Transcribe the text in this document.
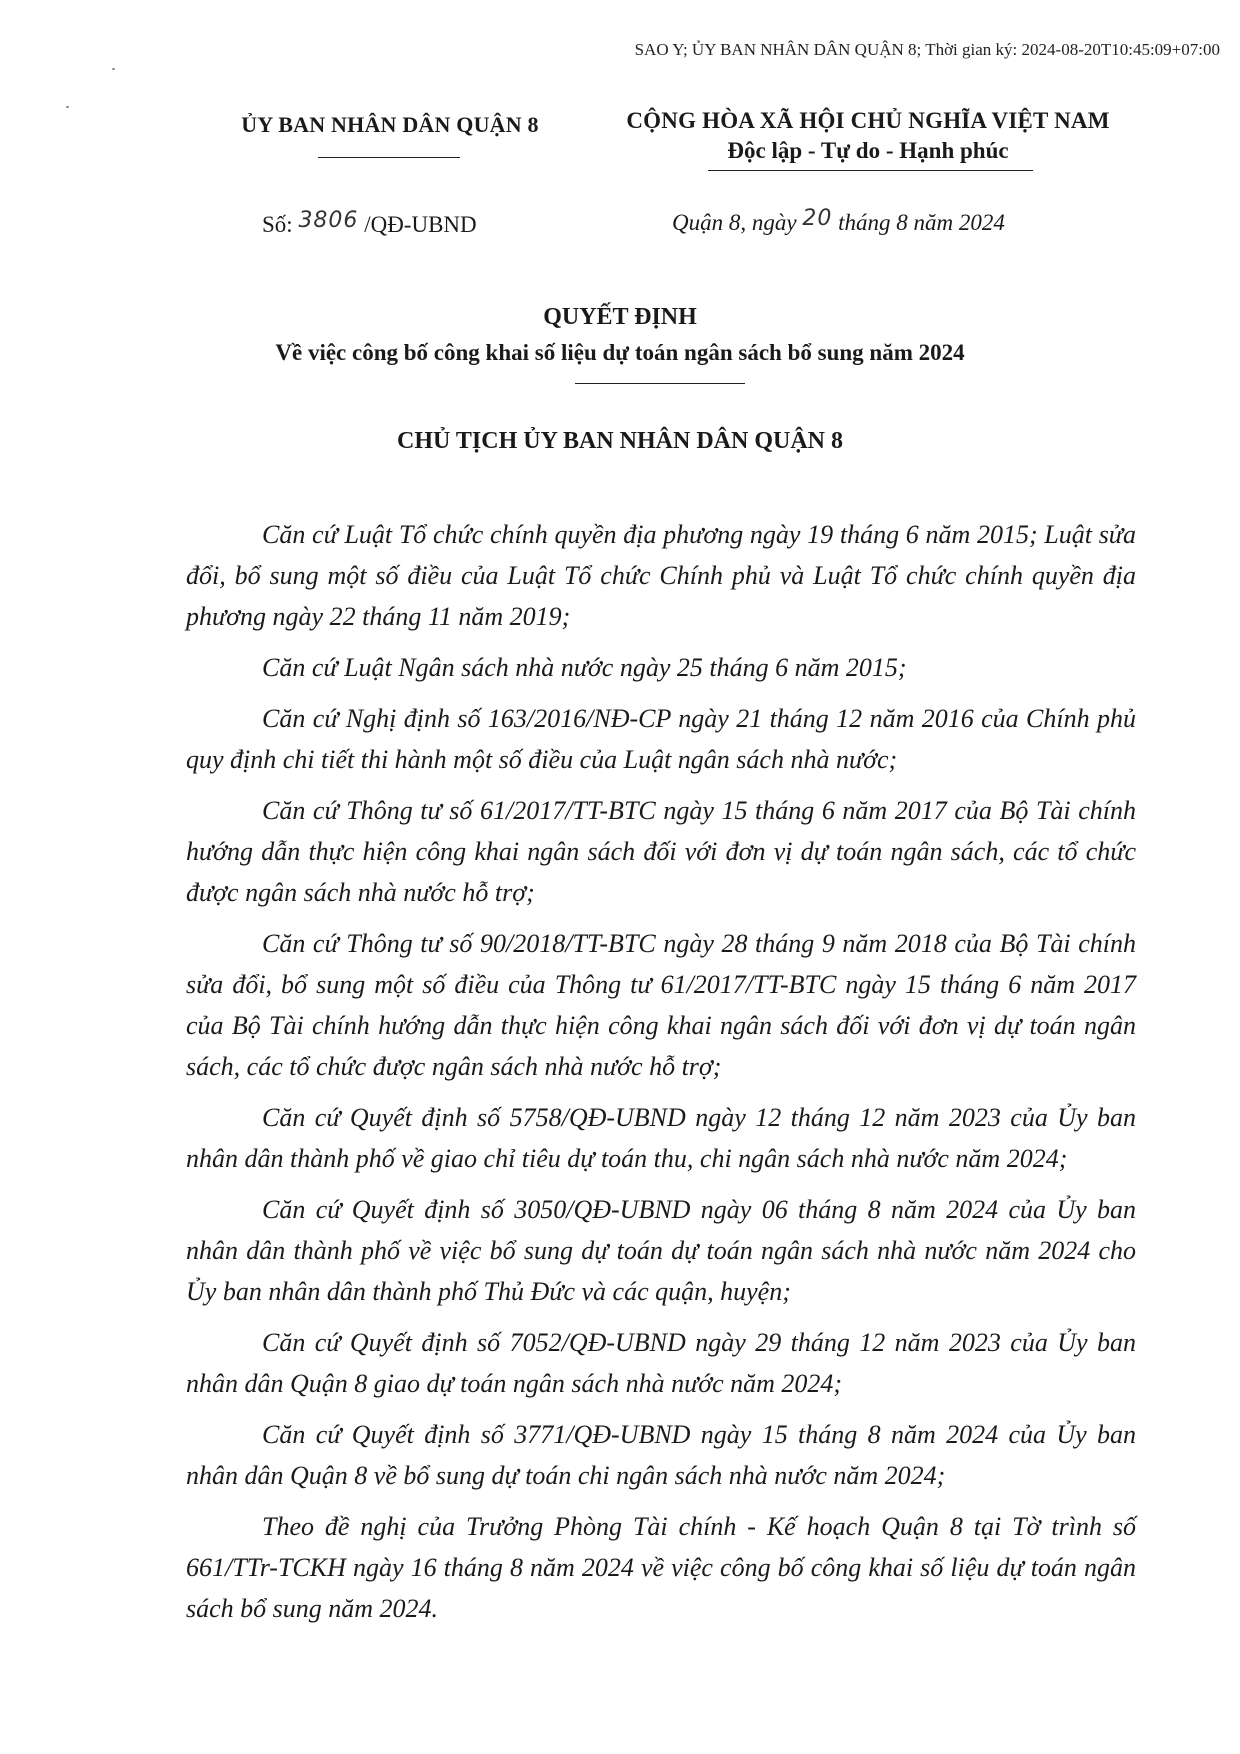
SAO Y; ỦY BAN NHÂN DÂN QUẬN 8; Thời gian ký: 2024-08-20T10:45:09+07:00
ỦY BAN NHÂN DÂN QUẬN 8	CỘNG HÒA XÃ HỘI CHỦ NGHĨA VIỆT NAM
Độc lập - Tự do - Hạnh phúc
Số: 3806 /QĐ-UBND	Quận 8, ngày 20 tháng 8 năm 2024
QUYẾT ĐỊNH
Về việc công bố công khai số liệu dự toán ngân sách bổ sung năm 2024
CHỦ TỊCH ỦY BAN NHÂN DÂN QUẬN 8

Căn cứ Luật Tổ chức chính quyền địa phương ngày 19 tháng 6 năm 2015; Luật sửa đổi, bổ sung một số điều của Luật Tổ chức Chính phủ và Luật Tổ chức chính quyền địa phương ngày 22 tháng 11 năm 2019;

Căn cứ Luật Ngân sách nhà nước ngày 25 tháng 6 năm 2015;

Căn cứ Nghị định số 163/2016/NĐ-CP ngày 21 tháng 12 năm 2016 của Chính phủ quy định chi tiết thi hành một số điều của Luật ngân sách nhà nước;

Căn cứ Thông tư số 61/2017/TT-BTC ngày 15 tháng 6 năm 2017 của Bộ Tài chính hướng dẫn thực hiện công khai ngân sách đối với đơn vị dự toán ngân sách, các tổ chức được ngân sách nhà nước hỗ trợ;

Căn cứ Thông tư số 90/2018/TT-BTC ngày 28 tháng 9 năm 2018 của Bộ Tài chính sửa đổi, bổ sung một số điều của Thông tư 61/2017/TT-BTC ngày 15 tháng 6 năm 2017 của Bộ Tài chính hướng dẫn thực hiện công khai ngân sách đối với đơn vị dự toán ngân sách, các tổ chức được ngân sách nhà nước hỗ trợ;

Căn cứ Quyết định số 5758/QĐ-UBND ngày 12 tháng 12 năm 2023 của Ủy ban nhân dân thành phố về giao chỉ tiêu dự toán thu, chi ngân sách nhà nước năm 2024;

Căn cứ Quyết định số 3050/QĐ-UBND ngày 06 tháng 8 năm 2024 của Ủy ban nhân dân thành phố về việc bổ sung dự toán dự toán ngân sách nhà nước năm 2024 cho Ủy ban nhân dân thành phố Thủ Đức và các quận, huyện;

Căn cứ Quyết định số 7052/QĐ-UBND ngày 29 tháng 12 năm 2023 của Ủy ban nhân dân Quận 8 giao dự toán ngân sách nhà nước năm 2024;

Căn cứ Quyết định số 3771/QĐ-UBND ngày 15 tháng 8 năm 2024 của Ủy ban nhân dân Quận 8 về bổ sung dự toán chi ngân sách nhà nước năm 2024;

Theo đề nghị của Trưởng Phòng Tài chính - Kế hoạch Quận 8 tại Tờ trình số 661/TTr-TCKH ngày 16 tháng 8 năm 2024 về việc công bố công khai số liệu dự toán ngân sách bổ sung năm 2024.
